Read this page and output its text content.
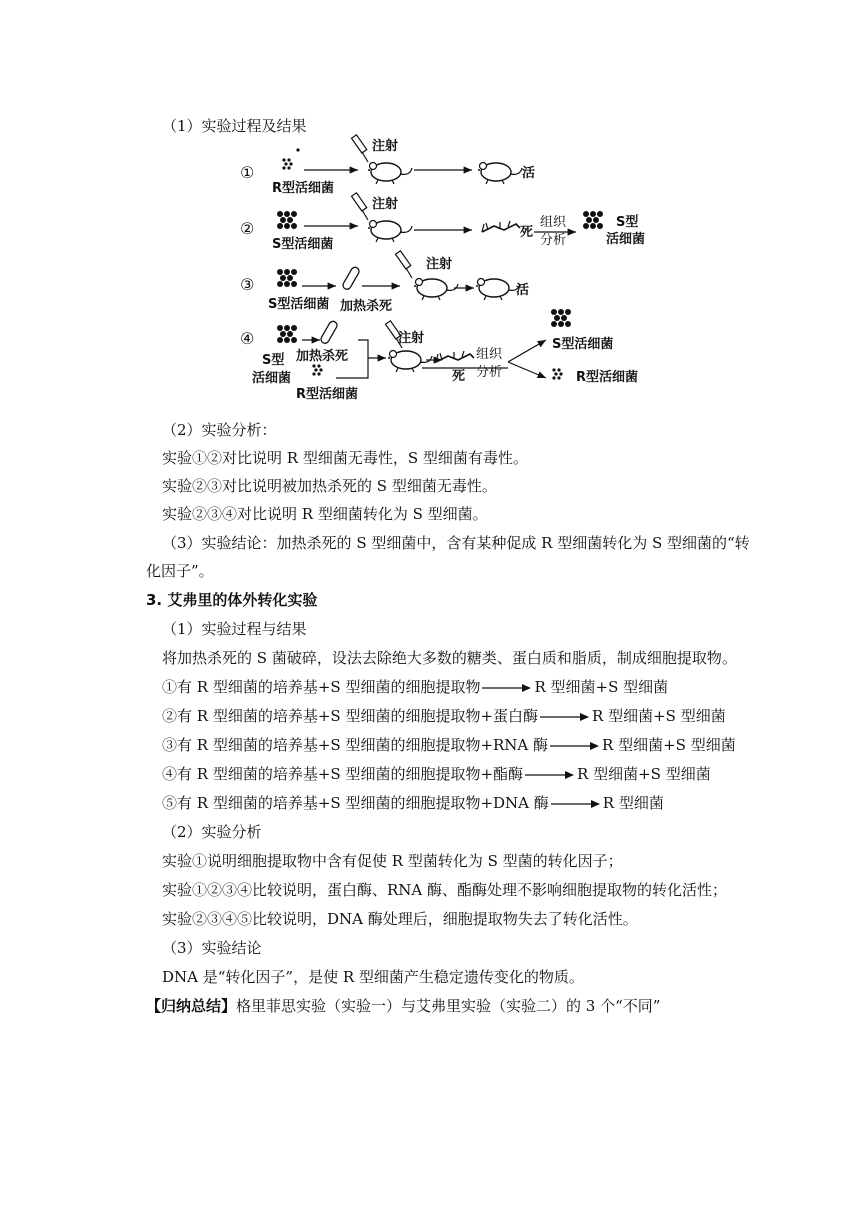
（1）实验过程及结果
①
R型活细菌
注射
活
②
S型活细菌
注射
死
组织
分析
S型
活细菌
③
S型活细菌 加热杀死
注射
活
④
S型
活细菌
加热杀死
R型活细菌
注射
死
组织
分析
S型活细菌
R型活细菌
（2）实验分析：
实验①②对比说明 R 型细菌无毒性，S 型细菌有毒性。
实验②③对比说明被加热杀死的 S 型细菌无毒性。
实验②③④对比说明 R 型细菌转化为 S 型细菌。
（3）实验结论：加热杀死的 S 型细菌中，含有某种促成 R 型细菌转化为 S 型细菌的“转
化因子”。
3. 艾弗里的体外转化实验
（1）实验过程与结果
将加热杀死的 S 菌破碎，设法去除绝大多数的糖类、蛋白质和脂质，制成细胞提取物。
①有 R 型细菌的培养基+S 型细菌的细胞提取物	R 型细菌+S 型细菌
②有 R 型细菌的培养基+S 型细菌的细胞提取物+蛋白酶	R 型细菌+S 型细菌
③有 R 型细菌的培养基+S 型细菌的细胞提取物+RNA 酶	R 型细菌+S 型细菌
④有 R 型细菌的培养基+S 型细菌的细胞提取物+酯酶	R 型细菌+S 型细菌
⑤有 R 型细菌的培养基+S 型细菌的细胞提取物+DNA 酶	R 型细菌
（2）实验分析
实验①说明细胞提取物中含有促使 R 型菌转化为 S 型菌的转化因子；
实验①②③④比较说明，蛋白酶、RNA 酶、酯酶处理不影响细胞提取物的转化活性；
实验②③④⑤比较说明，DNA 酶处理后，细胞提取物失去了转化活性。
（3）实验结论
DNA 是“转化因子”，是使 R 型细菌产生稳定遗传变化的物质。
【归纳总结】格里菲思实验（实验一）与艾弗里实验（实验二）的 3 个“不同”
